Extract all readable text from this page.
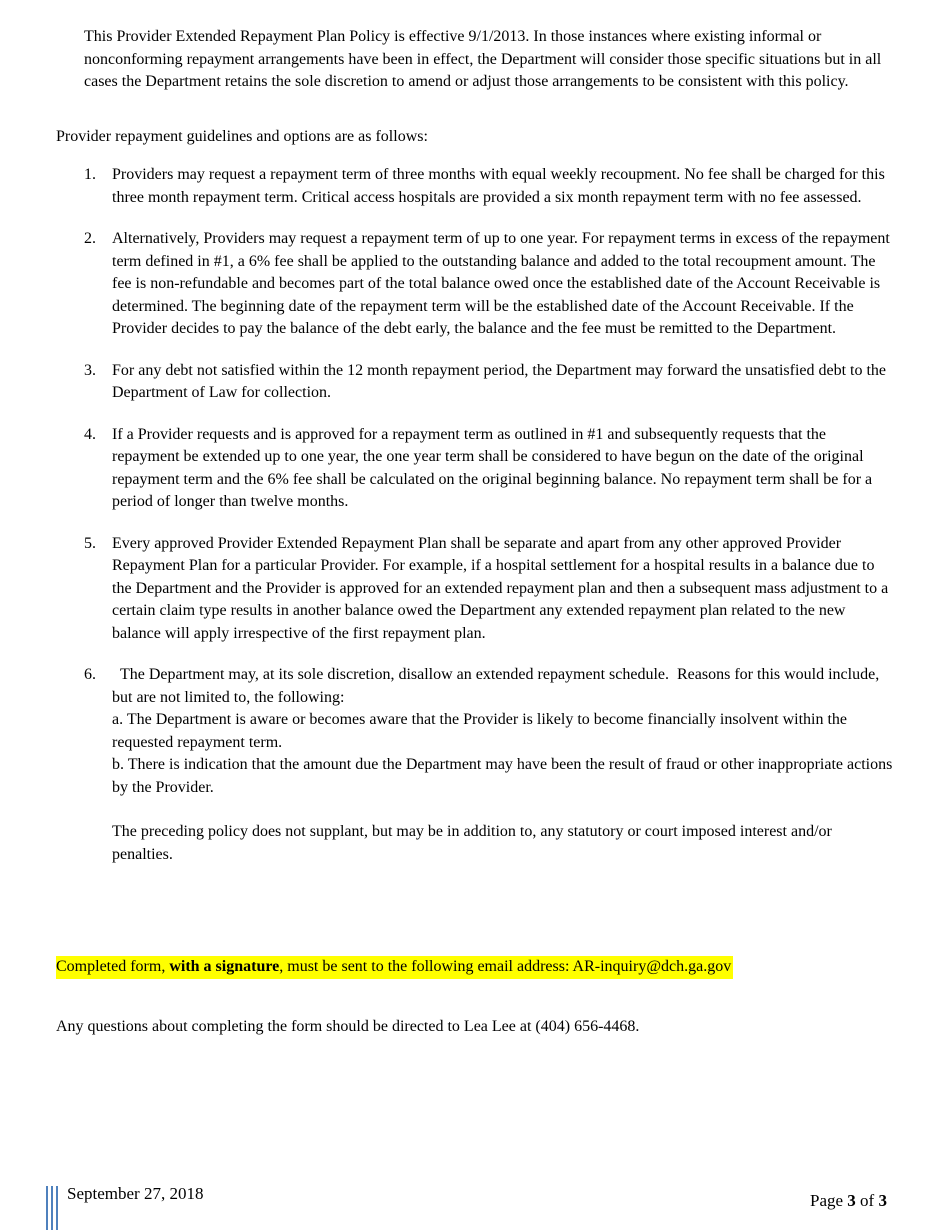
This Provider Extended Repayment Plan Policy is effective 9/1/2013. In those instances where existing informal or nonconforming repayment arrangements have been in effect, the Department will consider those specific situations but in all cases the Department retains the sole discretion to amend or adjust those arrangements to be consistent with this policy.

Provider repayment guidelines and options are as follows:

1. Providers may request a repayment term of three months with equal weekly recoupment. No fee shall be charged for this three month repayment term. Critical access hospitals are provided a six month repayment term with no fee assessed.
2. Alternatively, Providers may request a repayment term of up to one year. For repayment terms in excess of the repayment term defined in #1, a 6% fee shall be applied to the outstanding balance and added to the total recoupment amount. The fee is non-refundable and becomes part of the total balance owed once the established date of the Account Receivable is determined. The beginning date of the repayment term will be the established date of the Account Receivable. If the Provider decides to pay the balance of the debt early, the balance and the fee must be remitted to the Department.
3. For any debt not satisfied within the 12 month repayment period, the Department may forward the unsatisfied debt to the Department of Law for collection.
4. If a Provider requests and is approved for a repayment term as outlined in #1 and subsequently requests that the repayment be extended up to one year, the one year term shall be considered to have begun on the date of the original repayment term and the 6% fee shall be calculated on the original beginning balance. No repayment term shall be for a period of longer than twelve months.
5. Every approved Provider Extended Repayment Plan shall be separate and apart from any other approved Provider Repayment Plan for a particular Provider. For example, if a hospital settlement for a hospital results in a balance due to the Department and the Provider is approved for an extended repayment plan and then a subsequent mass adjustment to a certain claim type results in another balance owed the Department any extended repayment plan related to the new balance will apply irrespective of the first repayment plan.
6. The Department may, at its sole discretion, disallow an extended repayment schedule.  Reasons for this would include, but are not limited to, the following:

a. The Department is aware or becomes aware that the Provider is likely to become financially insolvent within the requested repayment term.

b. There is indication that the amount due the Department may have been the result of fraud or other inappropriate actions by the Provider.

The preceding policy does not supplant, but may be in addition to, any statutory or court imposed interest and/or penalties.

Completed form, with a signature, must be sent to the following email address: AR-inquiry@dch.ga.gov

Any questions about completing the form should be directed to Lea Lee at (404) 656-4468.

September 27, 2018	Page 3 of 3
